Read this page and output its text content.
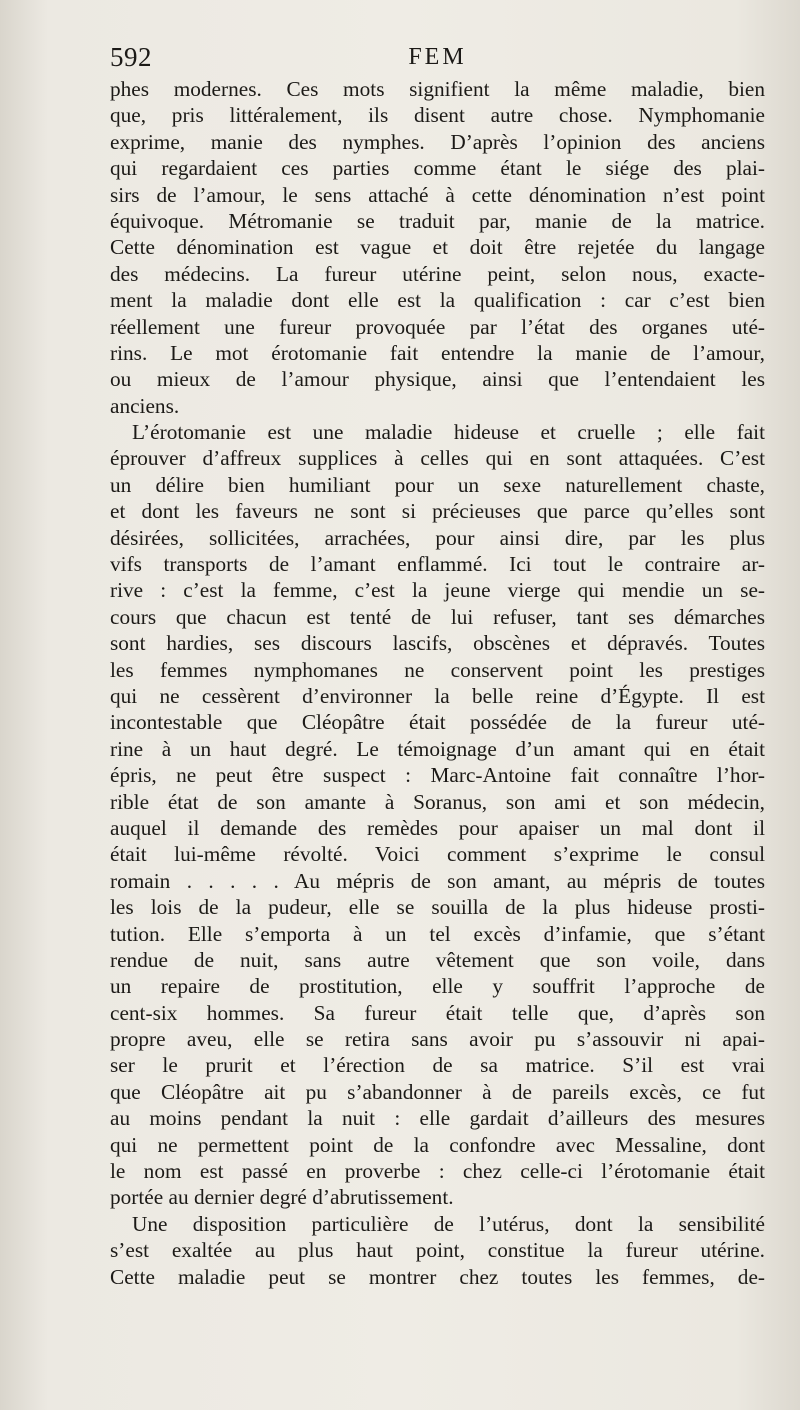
592	FEM
phes modernes. Ces mots signifient la même maladie, bien
que, pris littéralement, ils disent autre chose. Nymphomanie
exprime, manie des nymphes. D’après l’opinion des anciens
qui regardaient ces parties comme étant le siége des plai-
sirs de l’amour, le sens attaché à cette dénomination n’est point
équivoque. Métromanie se traduit par, manie de la matrice.
Cette dénomination est vague et doit être rejetée du langage
des médecins. La fureur utérine peint, selon nous, exacte-
ment la maladie dont elle est la qualification : car c’est bien
réellement une fureur provoquée par l’état des organes uté-
rins. Le mot érotomanie fait entendre la manie de l’amour,
ou mieux de l’amour physique, ainsi que l’entendaient les
anciens.
L’érotomanie est une maladie hideuse et cruelle ; elle fait
éprouver d’affreux supplices à celles qui en sont attaquées. C’est
un délire bien humiliant pour un sexe naturellement chaste,
et dont les faveurs ne sont si précieuses que parce qu’elles sont
désirées, sollicitées, arrachées, pour ainsi dire, par les plus
vifs transports de l’amant enflammé. Ici tout le contraire ar-
rive : c’est la femme, c’est la jeune vierge qui mendie un se-
cours que chacun est tenté de lui refuser, tant ses démarches
sont hardies, ses discours lascifs, obscènes et dépravés. Toutes
les femmes nymphomanes ne conservent point les prestiges
qui ne cessèrent d’environner la belle reine d’Égypte. Il est
incontestable que Cléopâtre était possédée de la fureur uté-
rine à un haut degré. Le témoignage d’un amant qui en était
épris, ne peut être suspect : Marc-Antoine fait connaître l’hor-
rible état de son amante à Soranus, son ami et son médecin,
auquel il demande des remèdes pour apaiser un mal dont il
était lui-même révolté. Voici comment s’exprime le consul
romain . . . . . Au mépris de son amant, au mépris de toutes
les lois de la pudeur, elle se souilla de la plus hideuse prosti-
tution. Elle s’emporta à un tel excès d’infamie, que s’étant
rendue de nuit, sans autre vêtement que son voile, dans
un repaire de prostitution, elle y souffrit l’approche de
cent-six hommes. Sa fureur était telle que, d’après son
propre aveu, elle se retira sans avoir pu s’assouvir ni apai-
ser le prurit et l’érection de sa matrice. S’il est vrai
que Cléopâtre ait pu s’abandonner à de pareils excès, ce fut
au moins pendant la nuit : elle gardait d’ailleurs des mesures
qui ne permettent point de la confondre avec Messaline, dont
le nom est passé en proverbe : chez celle-ci l’érotomanie était
portée au dernier degré d’abrutissement.
Une disposition particulière de l’utérus, dont la sensibilité
s’est exaltée au plus haut point, constitue la fureur utérine.
Cette maladie peut se montrer chez toutes les femmes, de-
